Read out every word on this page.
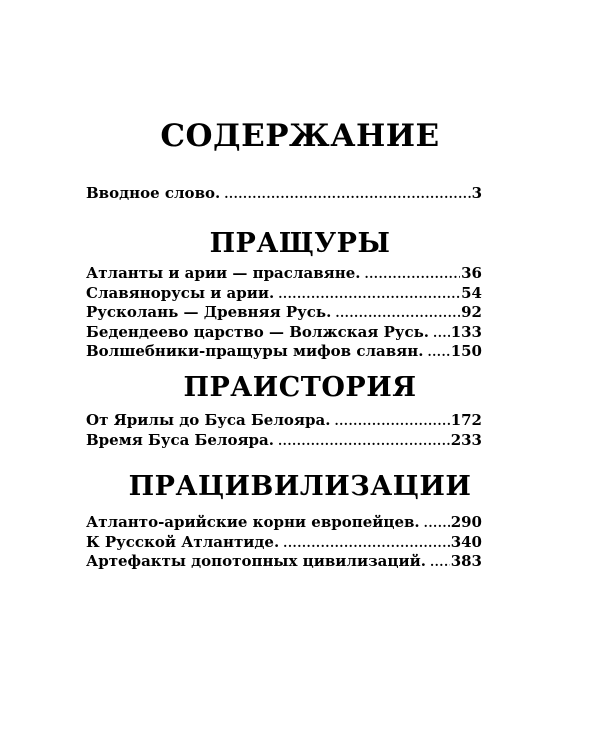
СОДЕРЖАНИЕ
Вводное слово. .....	3
ПРАЩУРЫ
Атланты и арии — праславяне. .....	36
Славянорусы и арии. .....	54
Русколань — Древняя Русь. .....	92
Бедендеево царство — Волжская Русь. ..... 133
Волшебники-пращуры мифов славян. ..... 150
ПРАИСТОРИЯ
От Ярилы до Буса Белояра. .....	172
Время Буса Белояра. .....	233
ПРАЦИВИЛИЗАЦИИ
Атланто-арийские корни европейцев. ..... 290
К Русской Атлантиде. .....	340
Артефакты допотопных цивилизаций. ..... 383
